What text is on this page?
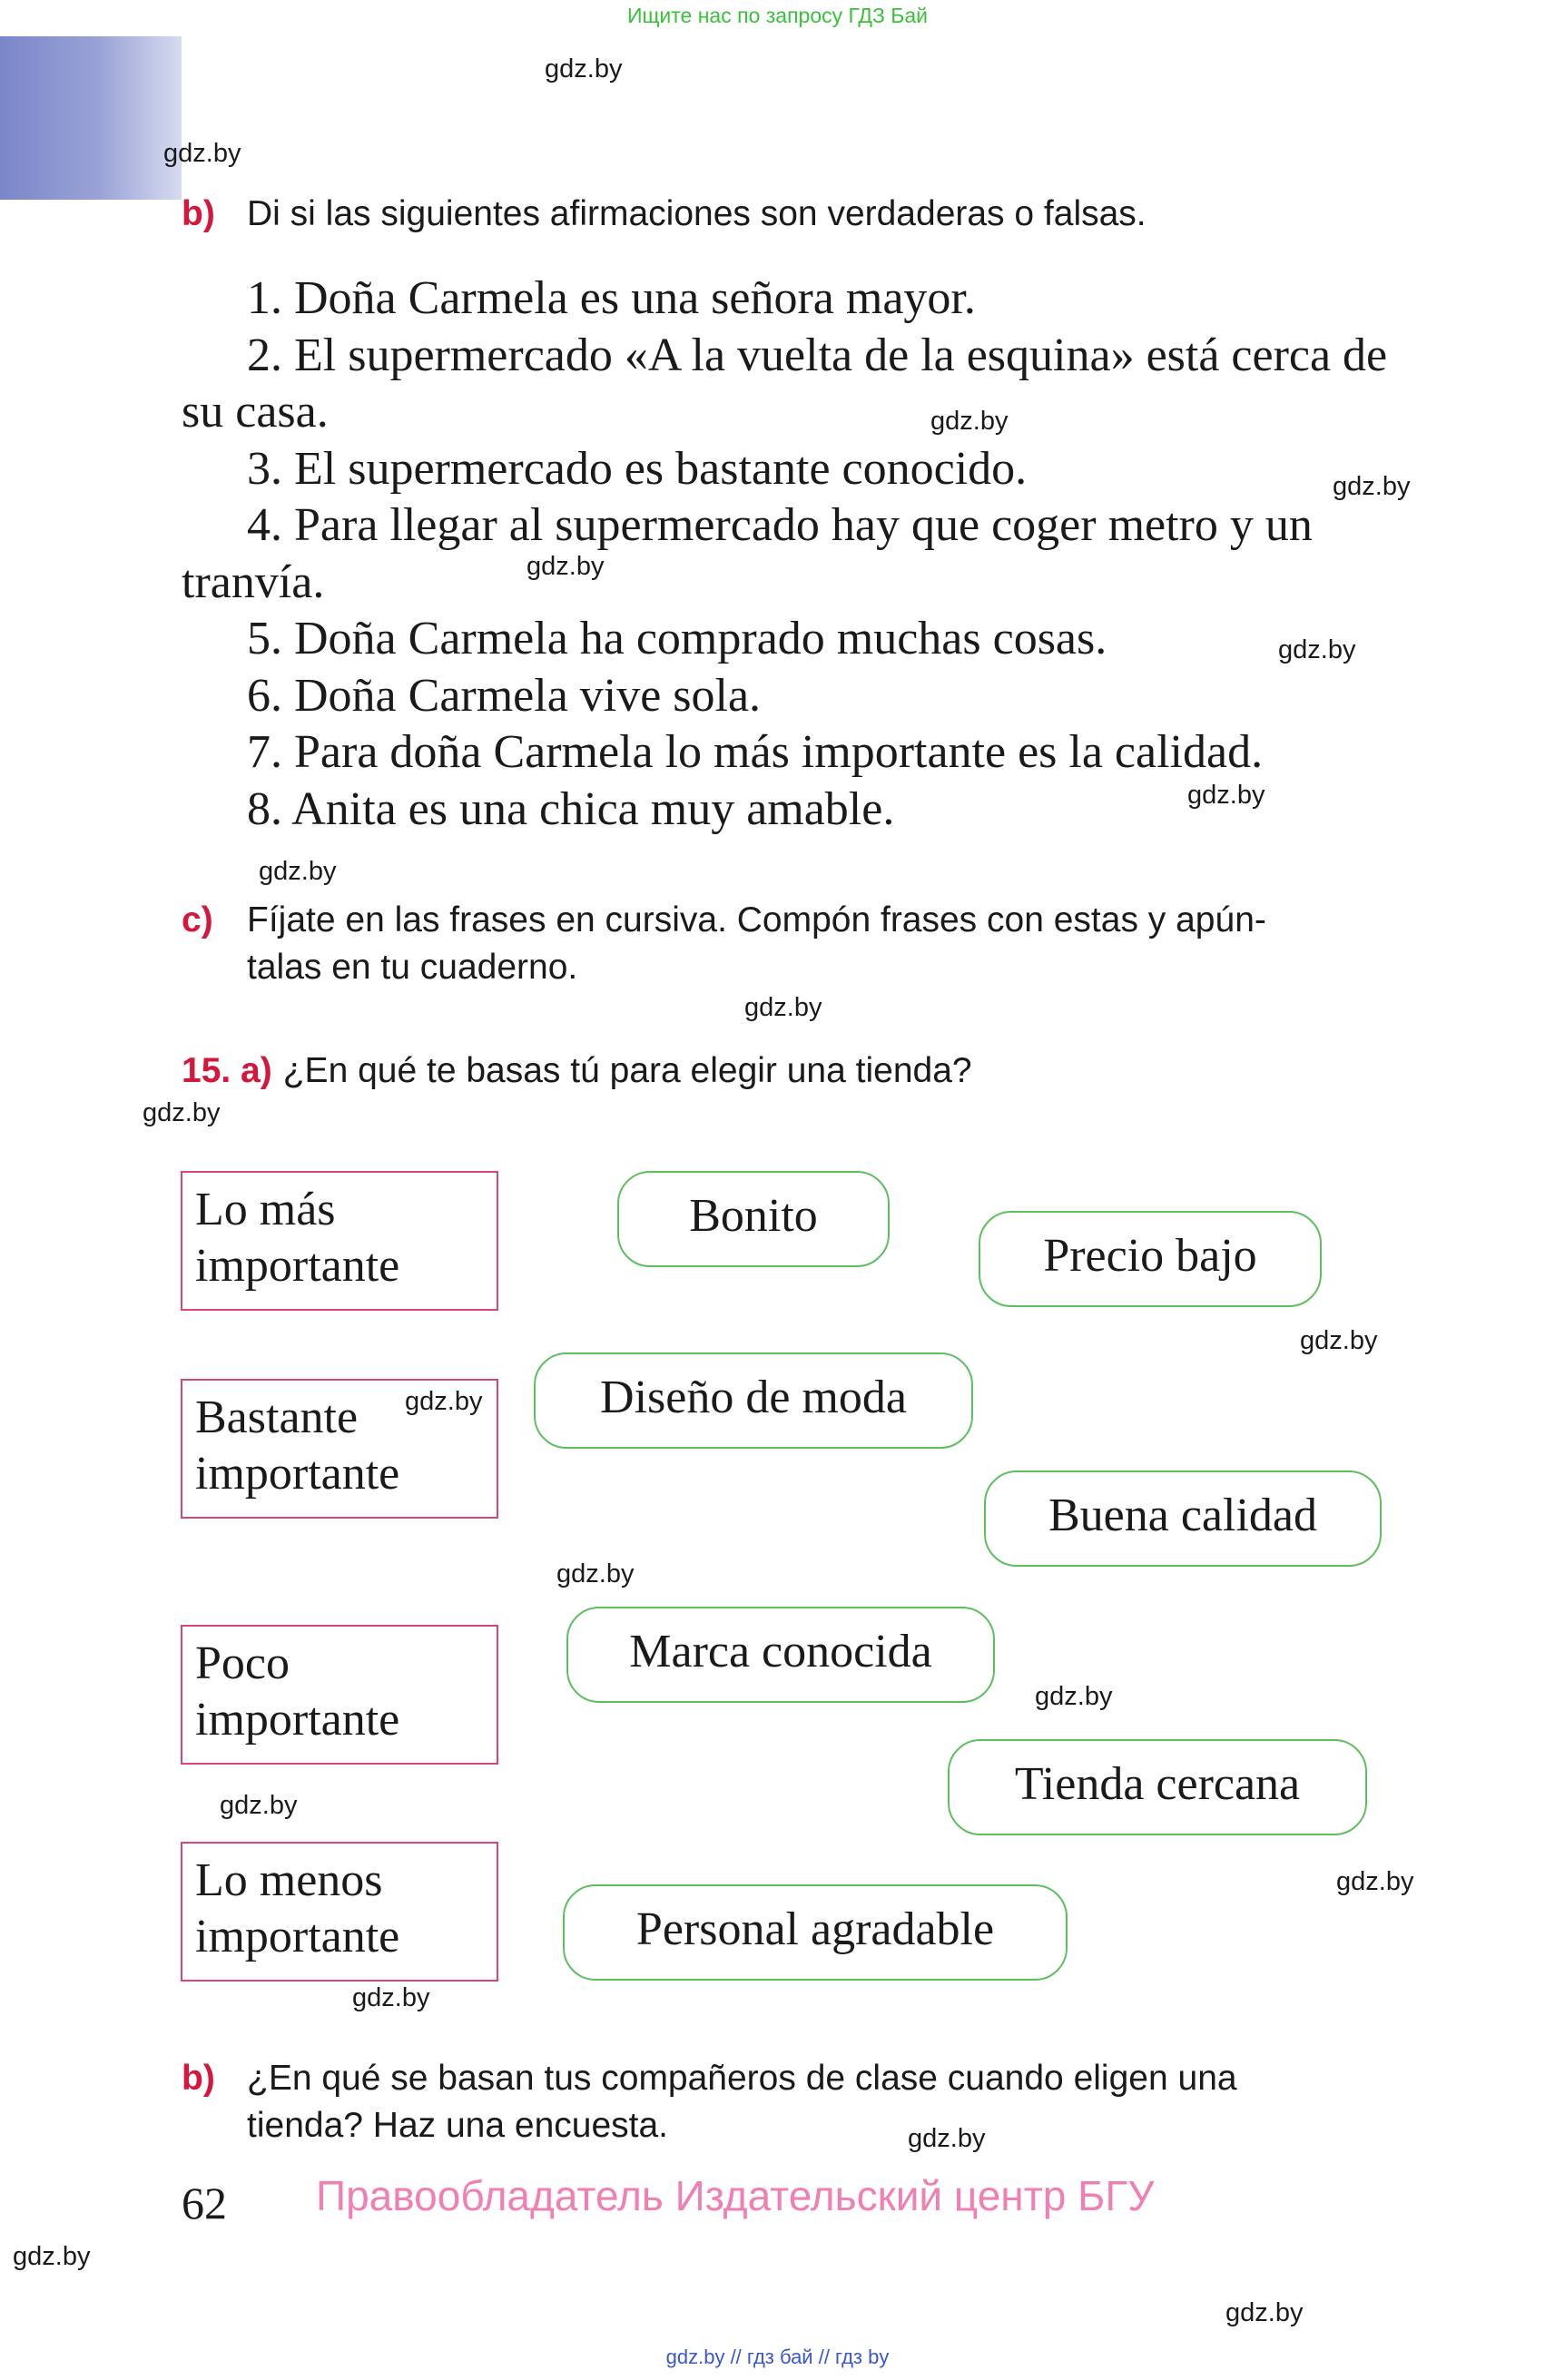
Ищите нас по запросу ГДЗ Бай
gdz.by
gdz.by
gdz.by
gdz.by
gdz.by
gdz.by
gdz.by
gdz.by
gdz.by
gdz.by
gdz.by
gdz.by
gdz.by
gdz.by
gdz.by
gdz.by
gdz.by
gdz.by
gdz.by
gdz.by
b) Di si las siguientes afirmaciones son verdaderas o falsas.

1. Doña Carmela es una señora mayor.

2. El supermercado «A la vuelta de la esquina» está cerca de su casa.

3. El supermercado es bastante conocido.

4. Para llegar al supermercado hay que coger metro y un tranvía.

5. Doña Carmela ha comprado muchas cosas.

6. Doña Carmela vive sola.

7. Para doña Carmela lo más importante es la calidad.

8. Anita es una chica muy amable.

c) Fíjate en las frases en cursiva. Compón frases con estas y apún-
talas en tu cuaderno.
15. a) ¿En qué te basas tú para elegir una tienda?
Lo más
importante
Bastante
importante
Poco
importante
Lo menos
importante
Bonito
Precio bajo
Diseño de moda
Buena calidad
Marca conocida
Tienda cercana
Personal agradable
b) ¿En qué se basan tus compañeros de clase cuando eligen una
tienda? Haz una encuesta.
62 Правообладатель Издательский центр БГУ
gdz.by // гдз бай // гдз by
